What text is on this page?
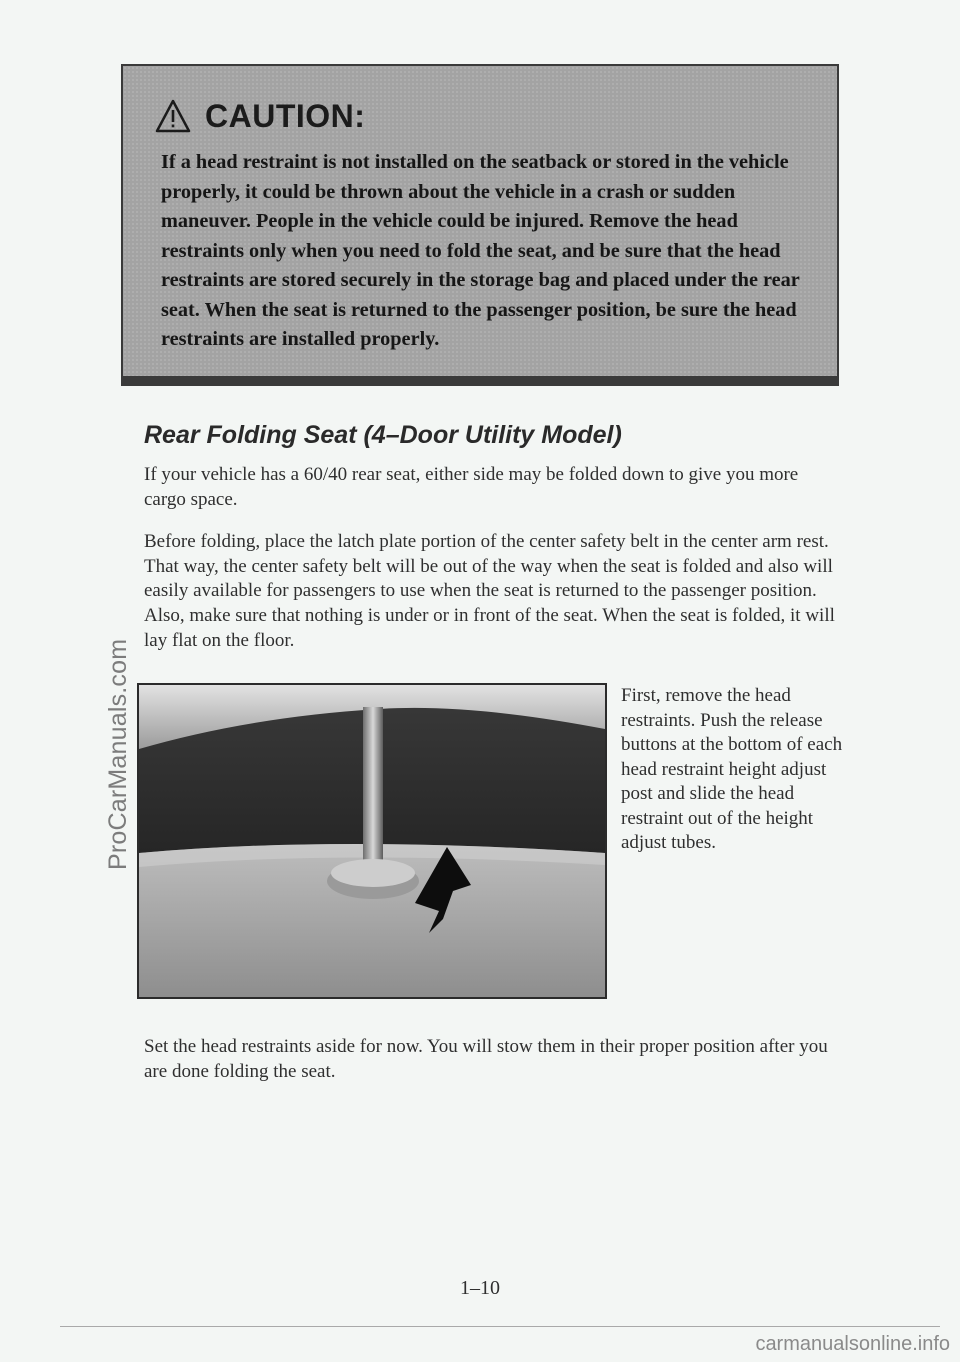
ProCarManuals.com
CAUTION:

If a head restraint is not installed on the seatback or stored in the vehicle properly, it could be thrown about the vehicle in a crash or sudden maneuver. People in the vehicle could be injured. Remove the head restraints only when you need to fold the seat, and be sure that the head restraints are stored securely in the storage bag and placed under the rear seat. When the seat is returned to the passenger position, be sure the head restraints are installed properly.

Rear Folding Seat (4–Door Utility Model)

If your vehicle has a 60/40 rear seat, either side may be folded down to give you more cargo space.

Before folding, place the latch plate portion of the center safety belt in the center arm rest. That way, the center safety belt will be out of the way when the seat is folded and also will easily available for passengers to use when the seat is returned to the passenger position. Also, make sure that nothing is under or in front of the seat. When the seat is folded, it will lay flat on the floor.

First, remove the head restraints. Push the release buttons at the bottom of each head restraint height adjust post and slide the head restraint out of the height adjust tubes.

Set the head restraints aside for now. You will stow them in their proper position after you are done folding the seat.

1–10
carmanualsonline.info
